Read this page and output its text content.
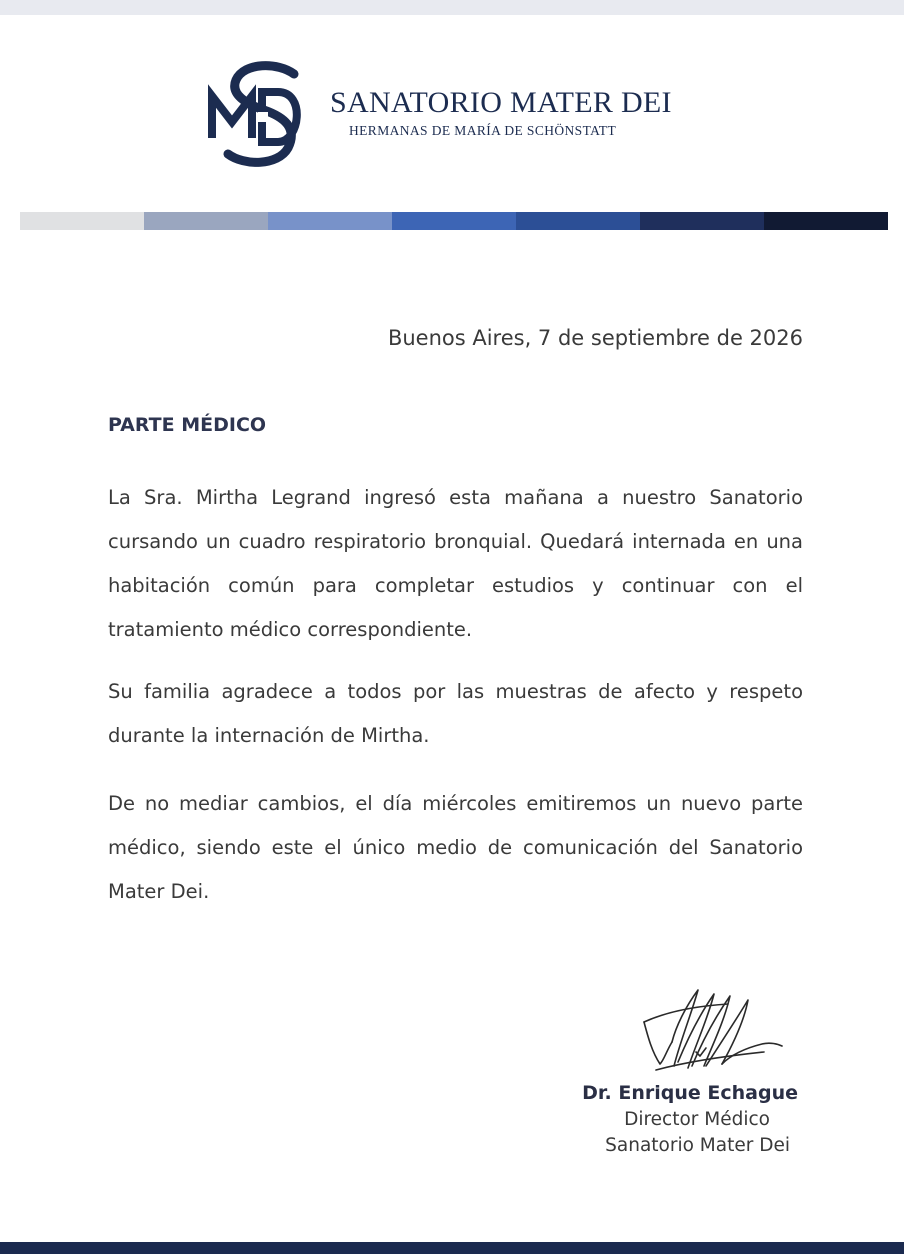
SANATORIO MATER DEI
HERMANAS DE MARÍA DE SCHÖNSTATT
Buenos Aires, 7 de septiembre de 2026
PARTE MÉDICO
La Sra. Mirtha Legrand ingresó esta mañana a nuestro Sanatorio cursando un cuadro respiratorio bronquial. Quedará internada en una habitación común para completar estudios y continuar con el tratamiento médico correspondiente.
Su familia agradece a todos por las muestras de afecto y respeto durante la internación de Mirtha.
De no mediar cambios, el día miércoles emitiremos un nuevo parte médico, siendo este el único medio de comunicación del Sanatorio Mater Dei.
Dr. Enrique Echague
Director Médico
Sanatorio Mater Dei
